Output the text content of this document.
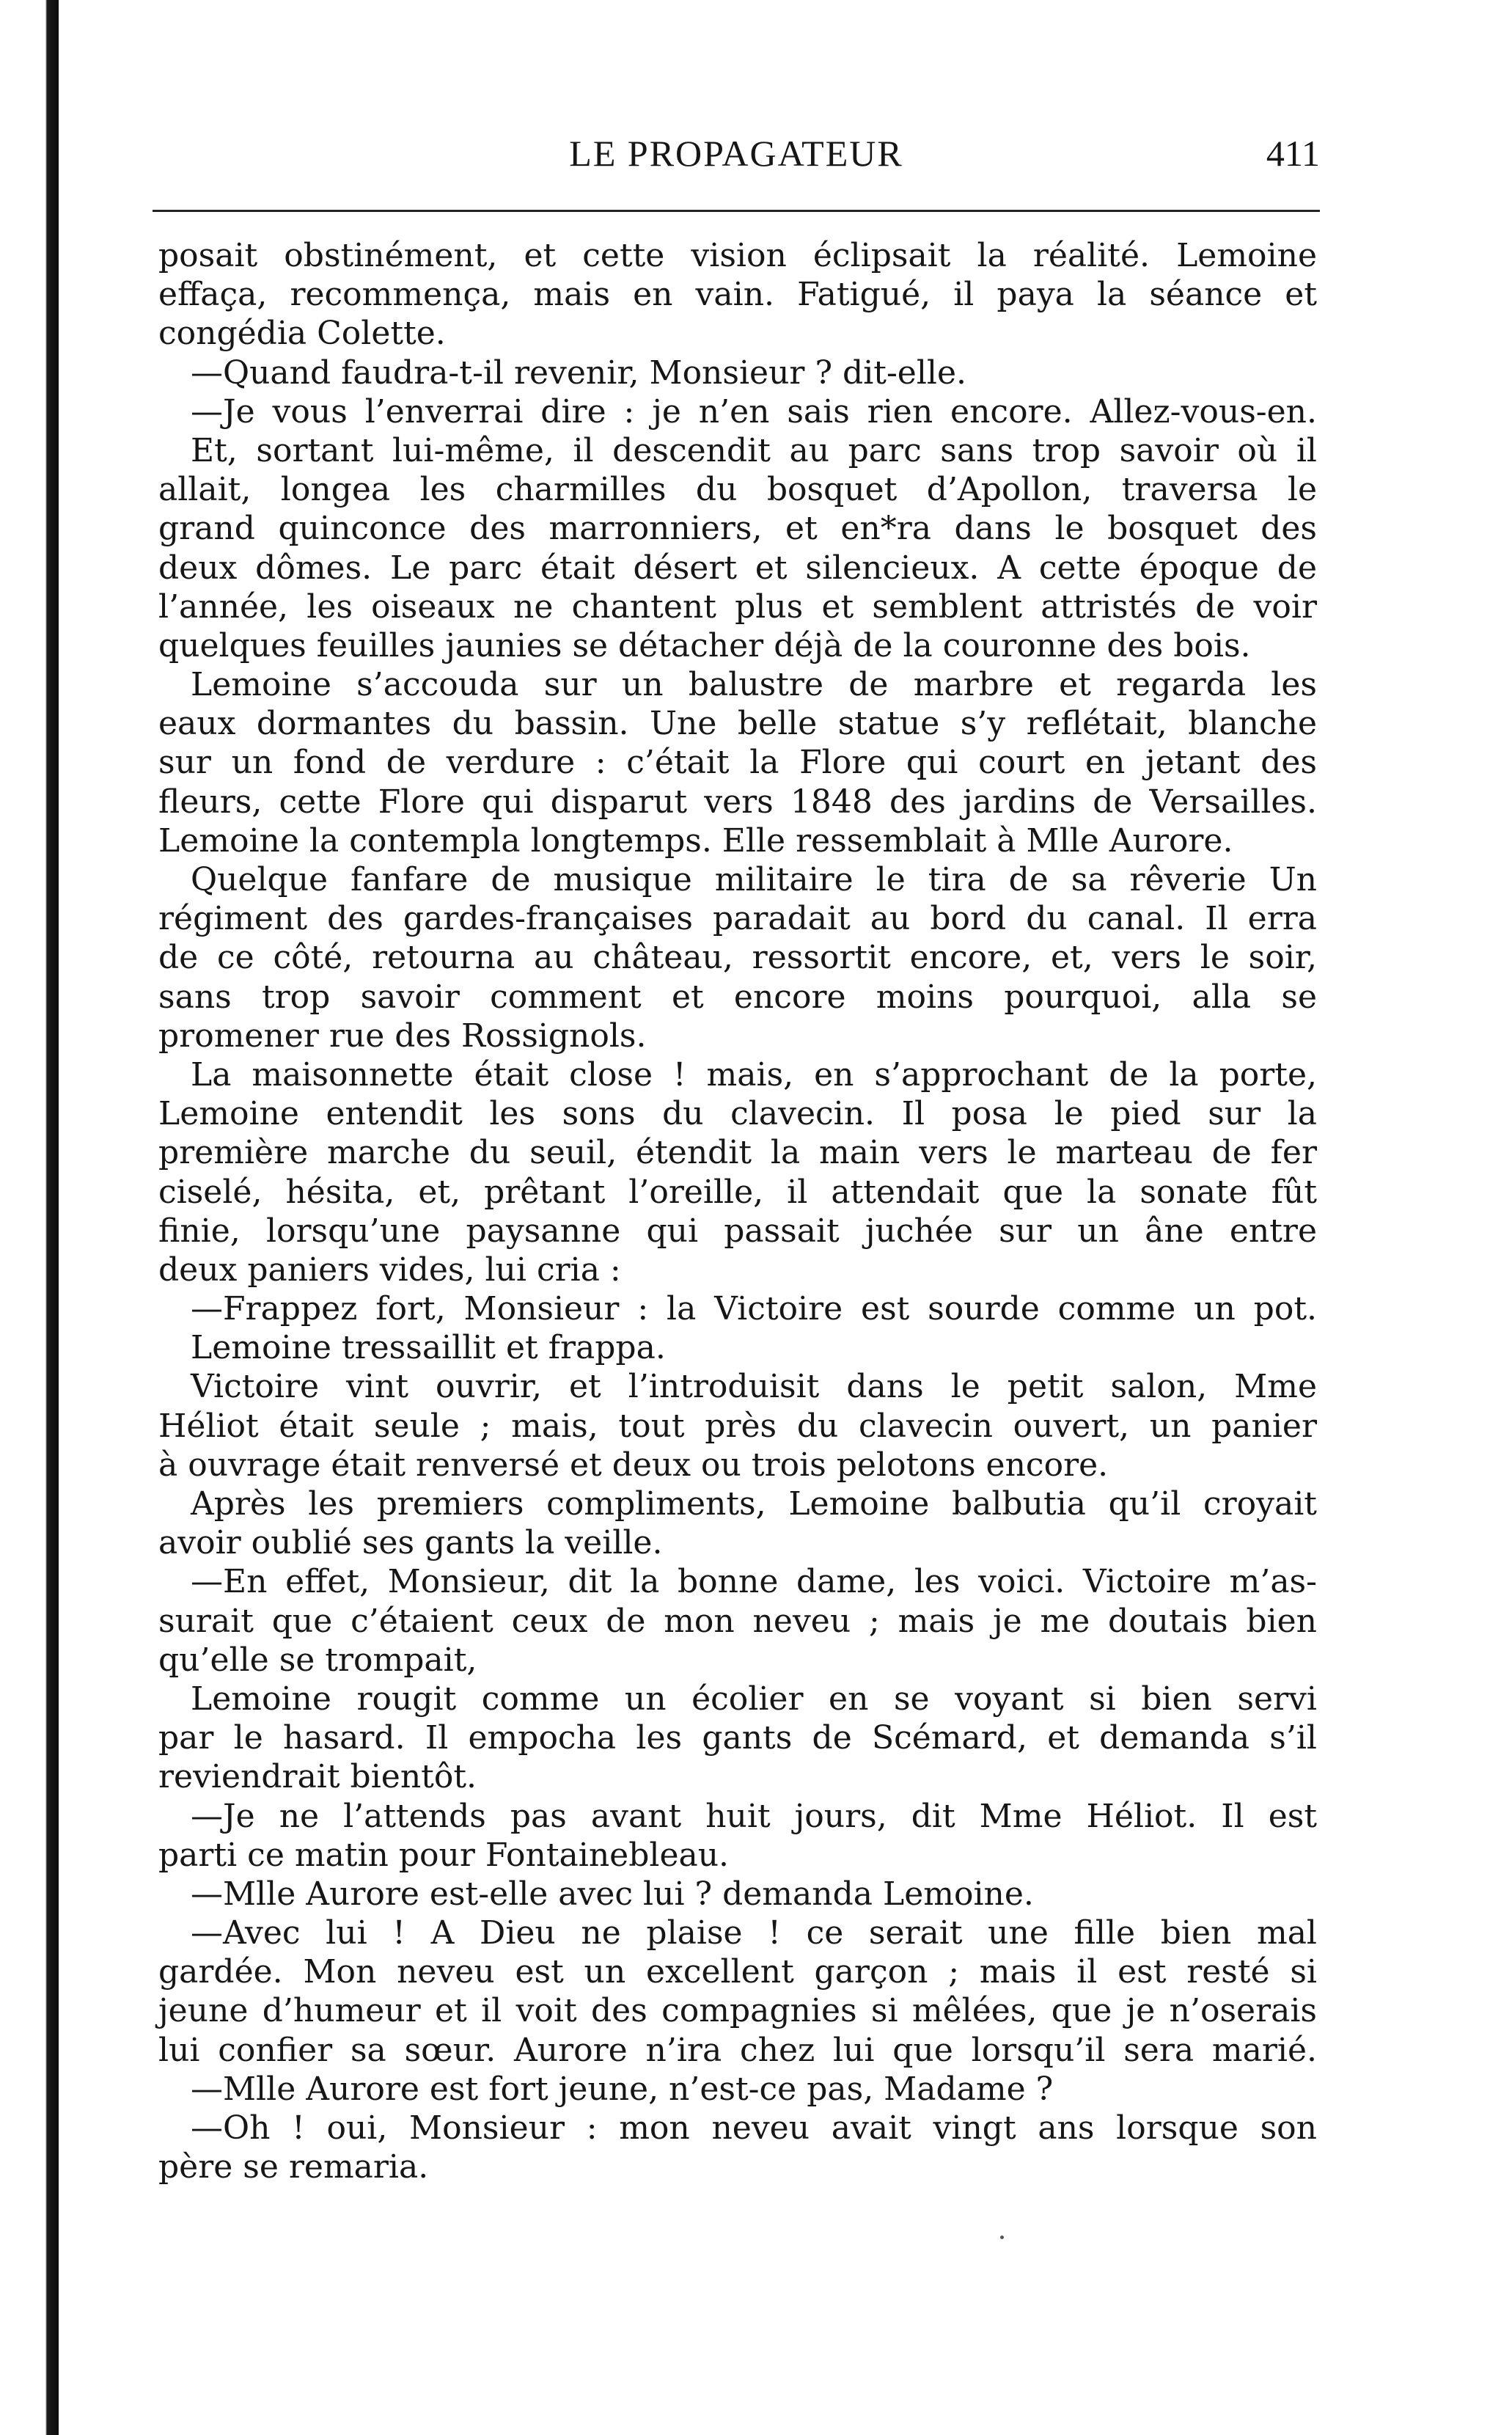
LE PROPAGATEUR	411
posait obstinément, et cette vision éclipsait la réalité. Lemoine
effaça, recommença, mais en vain. Fatigué, il paya la séance et
congédia Colette.
—Quand faudra-t-il revenir, Monsieur ? dit-elle.
—Je vous l’enverrai dire : je n’en sais rien encore. Allez-vous-en.
Et, sortant lui-même, il descendit au parc sans trop savoir où il
allait, longea les charmilles du bosquet d’Apollon, traversa le
grand quinconce des marronniers, et en*ra dans le bosquet des
deux dômes. Le parc était désert et silencieux. A cette époque de
l’année, les oiseaux ne chantent plus et semblent attristés de voir
quelques feuilles jaunies se détacher déjà de la couronne des bois.
Lemoine s’accouda sur un balustre de marbre et regarda les
eaux dormantes du bassin. Une belle statue s’y reflétait, blanche
sur un fond de verdure : c’était la Flore qui court en jetant des
fleurs, cette Flore qui disparut vers 1848 des jardins de Versailles.
Lemoine la contempla longtemps. Elle ressemblait à Mlle Aurore.
Quelque fanfare de musique militaire le tira de sa rêverie Un
régiment des gardes-françaises paradait au bord du canal. Il erra
de ce côté, retourna au château, ressortit encore, et, vers le soir,
sans trop savoir comment et encore moins pourquoi, alla se
promener rue des Rossignols.
La maisonnette était close ! mais, en s’approchant de la porte,
Lemoine entendit les sons du clavecin. Il posa le pied sur la
première marche du seuil, étendit la main vers le marteau de fer
ciselé, hésita, et, prêtant l’oreille, il attendait que la sonate fût
finie, lorsqu’une paysanne qui passait juchée sur un âne entre
deux paniers vides, lui cria :
—Frappez fort, Monsieur : la Victoire est sourde comme un pot.
Lemoine tressaillit et frappa.
Victoire vint ouvrir, et l’introduisit dans le petit salon, Mme
Héliot était seule ; mais, tout près du clavecin ouvert, un panier
à ouvrage était renversé et deux ou trois pelotons encore.
Après les premiers compliments, Lemoine balbutia qu’il croyait
avoir oublié ses gants la veille.
—En effet, Monsieur, dit la bonne dame, les voici. Victoire m’as-
surait que c’étaient ceux de mon neveu ; mais je me doutais bien
qu’elle se trompait,
Lemoine rougit comme un écolier en se voyant si bien servi
par le hasard. Il empocha les gants de Scémard, et demanda s’il
reviendrait bientôt.
—Je ne l’attends pas avant huit jours, dit Mme Héliot. Il est
parti ce matin pour Fontainebleau.
—Mlle Aurore est-elle avec lui ? demanda Lemoine.
—Avec lui ! A Dieu ne plaise ! ce serait une fille bien mal
gardée. Mon neveu est un excellent garçon ; mais il est resté si
jeune d’humeur et il voit des compagnies si mêlées, que je n’oserais
lui confier sa sœur. Aurore n’ira chez lui que lorsqu’il sera marié.
—Mlle Aurore est fort jeune, n’est-ce pas, Madame ?
—Oh ! oui, Monsieur : mon neveu avait vingt ans lorsque son
père se remaria.
